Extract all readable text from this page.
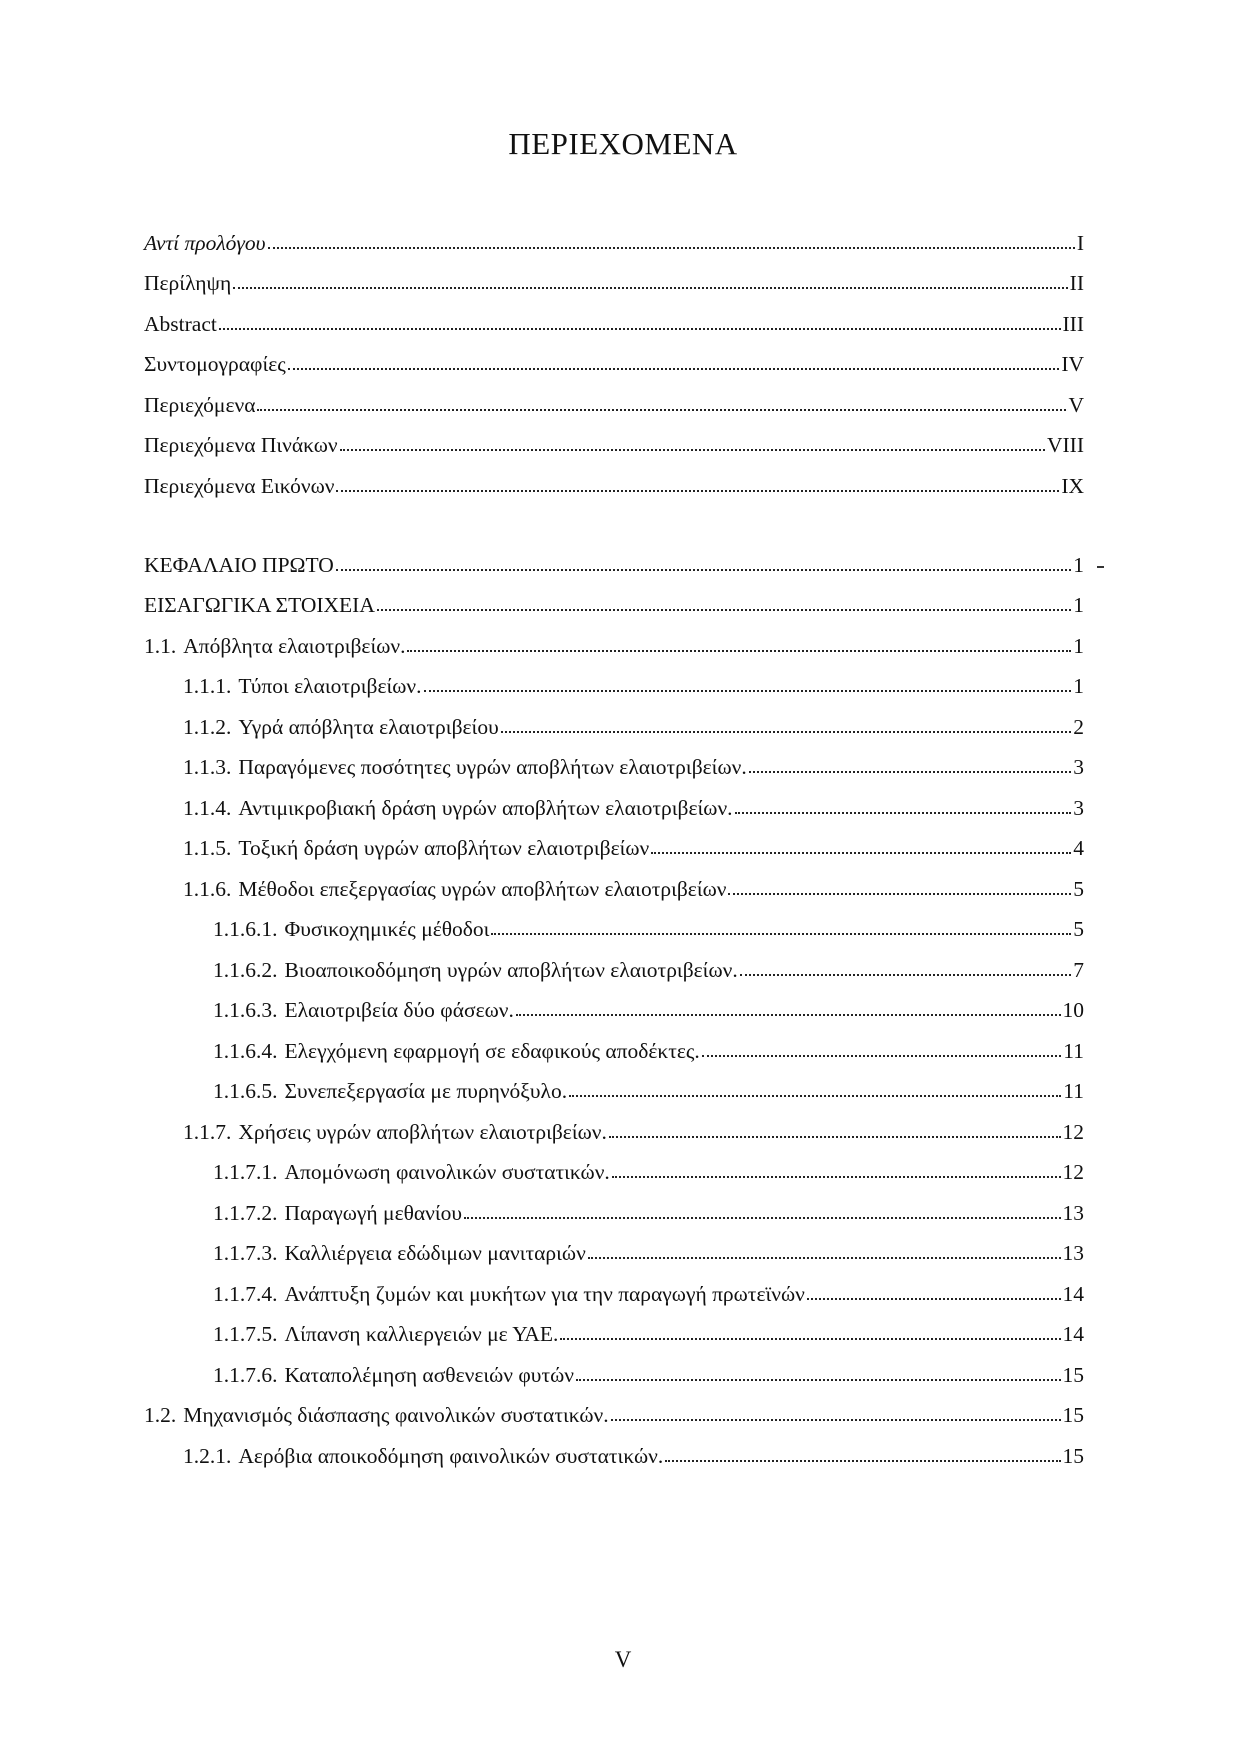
ΠΕΡΙΕΧΟΜΕΝΑ
Αντί προλόγου	I
Περίληψη	II
Abstract	III
Συντομογραφίες	IV
Περιεχόμενα	V
Περιεχόμενα Πινάκων	VIII
Περιεχόμενα Εικόνων	IX
ΚΕΦΑΛΑΙΟ ΠΡΩΤΟ	1
ΕΙΣΑΓΩΓΙΚΑ ΣΤΟΙΧΕΙΑ	1
1.1. Απόβλητα ελαιοτριβείων.	1
1.1.1. Τύποι ελαιοτριβείων.	1
1.1.2. Υγρά απόβλητα ελαιοτριβείου	2
1.1.3. Παραγόμενες ποσότητες υγρών αποβλήτων ελαιοτριβείων.	3
1.1.4. Αντιμικροβιακή δράση υγρών αποβλήτων ελαιοτριβείων.	3
1.1.5. Τοξική δράση υγρών αποβλήτων ελαιοτριβείων	4
1.1.6. Μέθοδοι επεξεργασίας υγρών αποβλήτων ελαιοτριβείων	5
1.1.6.1. Φυσικοχημικές μέθοδοι	5
1.1.6.2. Βιοαποικοδόμηση υγρών αποβλήτων ελαιοτριβείων.	7
1.1.6.3. Ελαιοτριβεία δύο φάσεων.	10
1.1.6.4. Ελεγχόμενη εφαρμογή σε εδαφικούς αποδέκτες.	11
1.1.6.5. Συνεπεξεργασία με πυρηνόξυλο.	11
1.1.7. Χρήσεις υγρών αποβλήτων ελαιοτριβείων.	12
1.1.7.1. Απομόνωση φαινολικών συστατικών.	12
1.1.7.2. Παραγωγή μεθανίου	13
1.1.7.3. Καλλιέργεια εδώδιμων μανιταριών	13
1.1.7.4. Ανάπτυξη ζυμών και μυκήτων για την παραγωγή πρωτεϊνών	14
1.1.7.5. Λίπανση καλλιεργειών με ΥΑΕ.	14
1.1.7.6. Καταπολέμηση ασθενειών φυτών	15
1.2. Μηχανισμός διάσπασης φαινολικών συστατικών.	15
1.2.1. Αερόβια αποικοδόμηση φαινολικών συστατικών.	15
V
